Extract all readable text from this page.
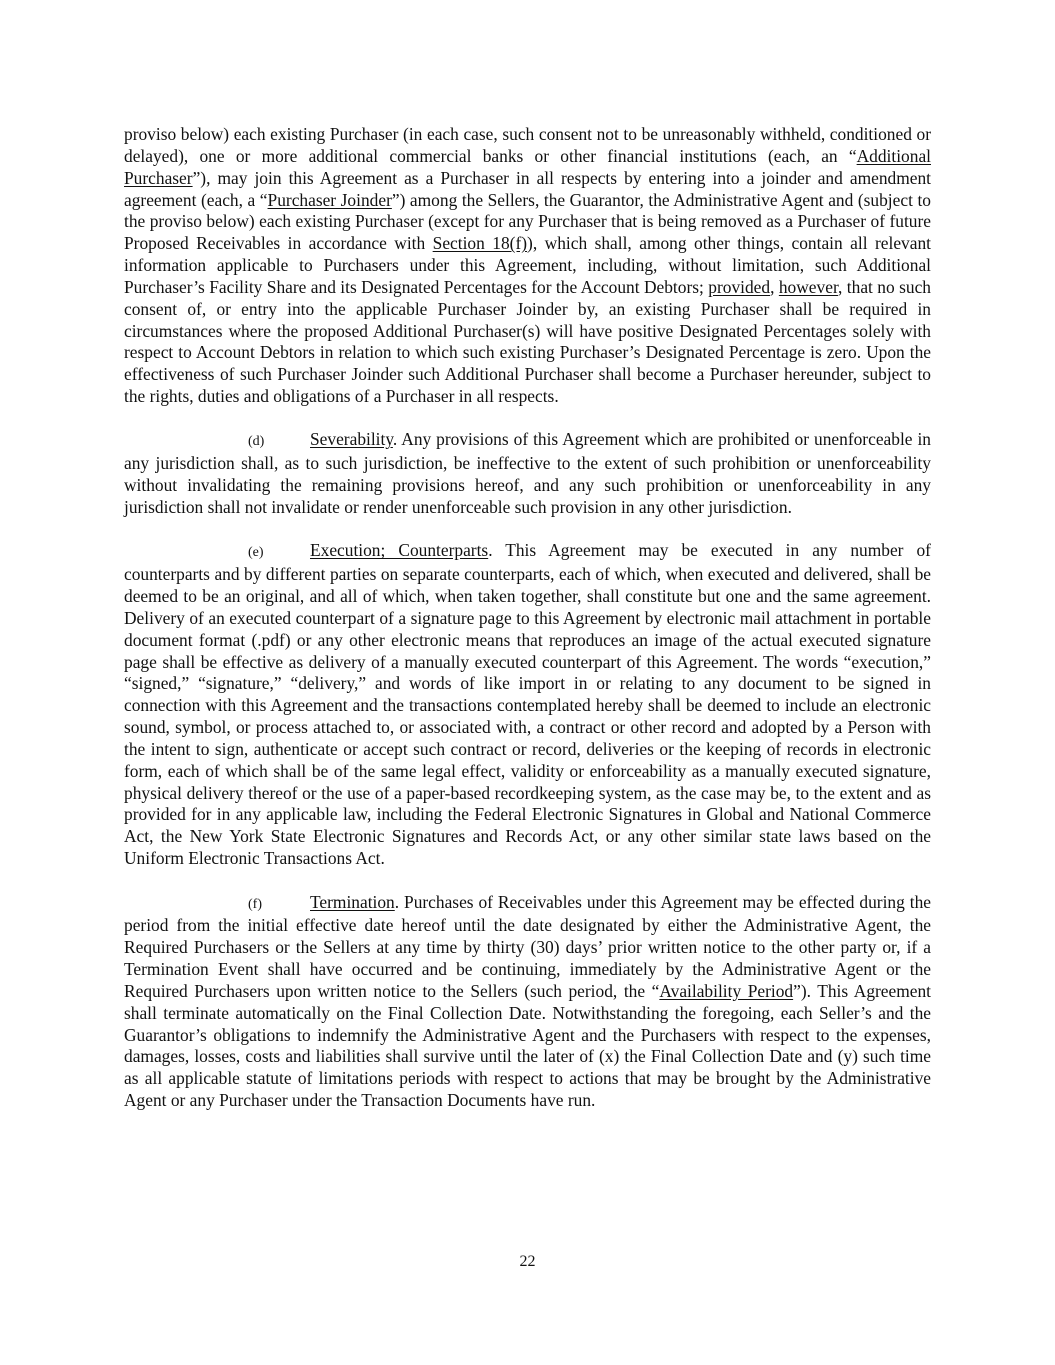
proviso below) each existing Purchaser (in each case, such consent not to be unreasonably withheld, conditioned or delayed), one or more additional commercial banks or other financial institutions (each, an “Additional Purchaser”), may join this Agreement as a Purchaser in all respects by entering into a joinder and amendment agreement (each, a “Purchaser Joinder”) among the Sellers, the Guarantor, the Administrative Agent and (subject to the proviso below) each existing Purchaser (except for any Purchaser that is being removed as a Purchaser of future Proposed Receivables in accordance with Section 18(f)), which shall, among other things, contain all relevant information applicable to Purchasers under this Agreement, including, without limitation, such Additional Purchaser’s Facility Share and its Designated Percentages for the Account Debtors; provided, however, that no such consent of, or entry into the applicable Purchaser Joinder by, an existing Purchaser shall be required in circumstances where the proposed Additional Purchaser(s) will have positive Designated Percentages solely with respect to Account Debtors in relation to which such existing Purchaser’s Designated Percentage is zero. Upon the effectiveness of such Purchaser Joinder such Additional Purchaser shall become a Purchaser hereunder, subject to the rights, duties and obligations of a Purchaser in all respects.

(d)	Severability. Any provisions of this Agreement which are prohibited or unenforceable in any jurisdiction shall, as to such jurisdiction, be ineffective to the extent of such prohibition or unenforceability without invalidating the remaining provisions hereof, and any such prohibition or unenforceability in any jurisdiction shall not invalidate or render unenforceable such provision in any other jurisdiction.

(e)	Execution; Counterparts. This Agreement may be executed in any number of counterparts and by different parties on separate counterparts, each of which, when executed and delivered, shall be deemed to be an original, and all of which, when taken together, shall constitute but one and the same agreement. Delivery of an executed counterpart of a signature page to this Agreement by electronic mail attachment in portable document format (.pdf) or any other electronic means that reproduces an image of the actual executed signature page shall be effective as delivery of a manually executed counterpart of this Agreement. The words “execution,” “signed,” “signature,” “delivery,” and words of like import in or relating to any document to be signed in connection with this Agreement and the transactions contemplated hereby shall be deemed to include an electronic sound, symbol, or process attached to, or associated with, a contract or other record and adopted by a Person with the intent to sign, authenticate or accept such contract or record, deliveries or the keeping of records in electronic form, each of which shall be of the same legal effect, validity or enforceability as a manually executed signature, physical delivery thereof or the use of a paper-based recordkeeping system, as the case may be, to the extent and as provided for in any applicable law, including the Federal Electronic Signatures in Global and National Commerce Act, the New York State Electronic Signatures and Records Act, or any other similar state laws based on the Uniform Electronic Transactions Act.

(f)	Termination. Purchases of Receivables under this Agreement may be effected during the period from the initial effective date hereof until the date designated by either the Administrative Agent, the Required Purchasers or the Sellers at any time by thirty (30) days’ prior written notice to the other party or, if a Termination Event shall have occurred and be continuing, immediately by the Administrative Agent or the Required Purchasers upon written notice to the Sellers (such period, the “Availability Period”). This Agreement shall terminate automatically on the Final Collection Date. Notwithstanding the foregoing, each Seller’s and the Guarantor’s obligations to indemnify the Administrative Agent and the Purchasers with respect to the expenses, damages, losses, costs and liabilities shall survive until the later of (x) the Final Collection Date and (y) such time as all applicable statute of limitations periods with respect to actions that may be brought by the Administrative Agent or any Purchaser under the Transaction Documents have run.

22
